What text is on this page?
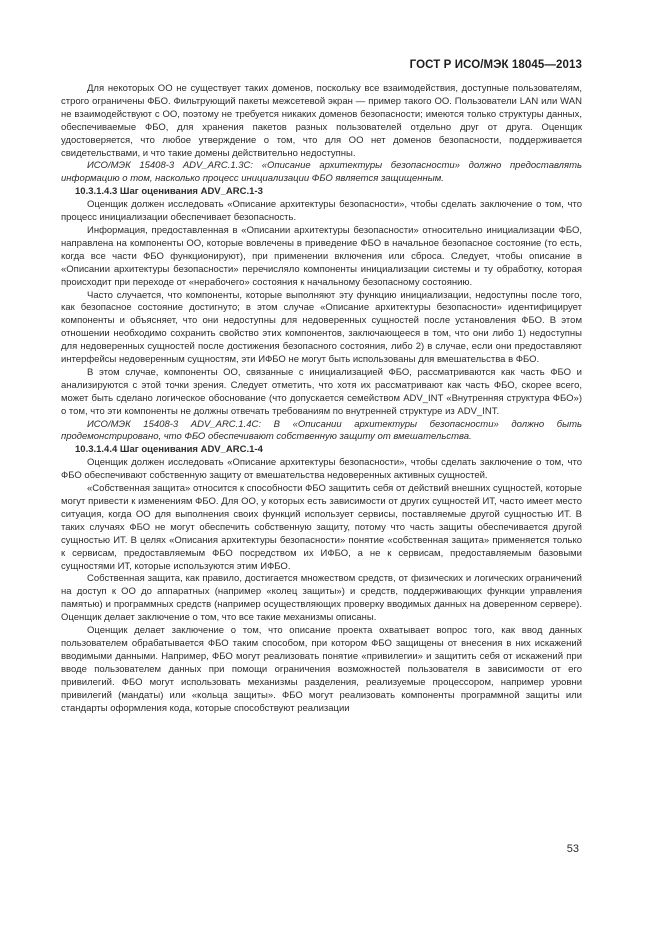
ГОСТ Р ИСО/МЭК 18045—2013

Для некоторых ОО не существует таких доменов, поскольку все взаимодействия, доступные пользователям, строго ограничены ФБО. Фильтрующий пакеты межсетевой экран — пример такого ОО. Пользователи LAN или WAN не взаимодействуют с ОО, поэтому не требуется никаких доменов безопасности; имеются только структуры данных, обеспечиваемые ФБО, для хранения пакетов разных пользователей отдельно друг от друга. Оценщик удостоверяется, что любое утверждение о том, что для ОО нет доменов безопасности, поддерживается свидетельствами, и что такие домены действительно недоступны.

ИСО/МЭК 15408-3 ADV_ARC.1.3С: «Описание архитектуры безопасности» должно предоставлять информацию о том, насколько процесс инициализации ФБО является защищенным.

10.3.1.4.3 Шаг оценивания ADV_ARC.1-3

Оценщик должен исследовать «Описание архитектуры безопасности», чтобы сделать заключение о том, что процесс инициализации обеспечивает безопасность.

Информация, предоставленная в «Описании архитектуры безопасности» относительно инициализации ФБО, направлена на компоненты ОО, которые вовлечены в приведение ФБО в начальное безопасное состояние (то есть, когда все части ФБО функционируют), при применении включения или сброса. Следует, чтобы описание в «Описании архитектуры безопасности» перечисляло компоненты инициализации системы и ту обработку, которая происходит при переходе от «нерабочего» состояния к начальному безопасному состоянию.

Часто случается, что компоненты, которые выполняют эту функцию инициализации, недоступны после того, как безопасное состояние достигнуто; в этом случае «Описание архитектуры безопасности» идентифицирует компоненты и объясняет, что они недоступны для недоверенных сущностей после установления ФБО. В этом отношении необходимо сохранить свойство этих компонентов, заключающееся в том, что они либо 1) недоступны для недоверенных сущностей после достижения безопасного состояния, либо 2) в случае, если они предоставляют интерфейсы недоверенным сущностям, эти ИФБО не могут быть использованы для вмешательства в ФБО.

В этом случае, компоненты ОО, связанные с инициализацией ФБО, рассматриваются как часть ФБО и анализируются с этой точки зрения. Следует отметить, что хотя их рассматривают как часть ФБО, скорее всего, может быть сделано логическое обоснование (что допускается семейством ADV_INT «Внутренняя структура ФБО») о том, что эти компоненты не должны отвечать требованиям по внутренней структуре из ADV_INT.

ИСО/МЭК 15408-3 ADV_ARC.1.4С: В «Описании архитектуры безопасности» должно быть продемонстрировано, что ФБО обеспечивают собственную защиту от вмешательства.

10.3.1.4.4 Шаг оценивания ADV_ARC.1-4

Оценщик должен исследовать «Описание архитектуры безопасности», чтобы сделать заключение о том, что ФБО обеспечивают собственную защиту от вмешательства недоверенных активных сущностей.

«Собственная защита» относится к способности ФБО защитить себя от действий внешних сущностей, которые могут привести к изменениям ФБО. Для ОО, у которых есть зависимости от других сущностей ИТ, часто имеет место ситуация, когда ОО для выполнения своих функций использует сервисы, поставляемые другой сущностью ИТ. В таких случаях ФБО не могут обеспечить собственную защиту, потому что часть защиты обеспечивается другой сущностью ИТ. В целях «Описания архитектуры безопасности» понятие «собственная защита» применяется только к сервисам, предоставляемым ФБО посредством их ИФБО, а не к сервисам, предоставляемым базовыми сущностями ИТ, которые используются этим ИФБО.

Собственная защита, как правило, достигается множеством средств, от физических и логических ограничений на доступ к ОО до аппаратных (например «колец защиты») и средств, поддерживающих функции управления памятью) и программных средств (например осуществляющих проверку вводимых данных на доверенном сервере). Оценщик делает заключение о том, что все такие механизмы описаны.

Оценщик делает заключение о том, что описание проекта охватывает вопрос того, как ввод данных пользователем обрабатывается ФБО таким способом, при котором ФБО защищены от внесения в них искажений вводимыми данными. Например, ФБО могут реализовать понятие «привилегии» и защитить себя от искажений при вводе пользователем данных при помощи ограничения возможностей пользователя в зависимости от его привилегий. ФБО могут использовать механизмы разделения, реализуемые процессором, например уровни привилегий (мандаты) или «кольца защиты». ФБО могут реализовать компоненты программной защиты или стандарты оформления кода, которые способствуют реализации

53
